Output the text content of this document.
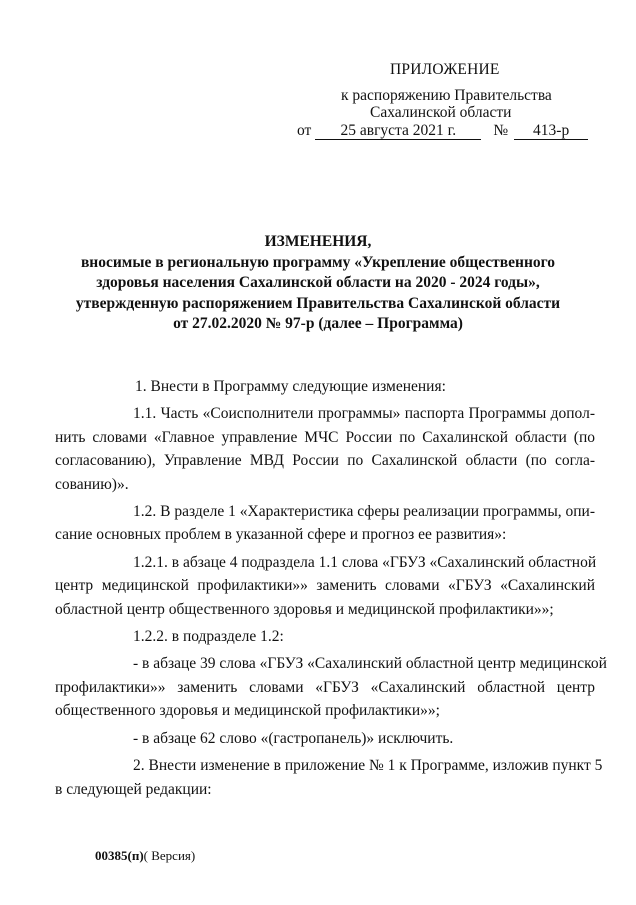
ПРИЛОЖЕНИЕ
к распоряжению Правительства
Сахалинской области
от	25 августа 2021 г.	№	413-р
ИЗМЕНЕНИЯ,
вносимые в региональную программу «Укрепление общественного
здоровья населения Сахалинской области на 2020 - 2024 годы»,
утвержденную распоряжением Правительства Сахалинской области
от 27.02.2020 № 97-р (далее – Программа)
1. Внести в Программу следующие изменения:
1.1. Часть «Соисполнители программы» паспорта Программы допол-
нить словами «Главное управление МЧС России по Сахалинской области (по
согласованию), Управление МВД России по Сахалинской области (по согла-
сованию)».
1.2. В разделе 1 «Характеристика сферы реализации программы, опи-
сание основных проблем в указанной сфере и прогноз ее развития»:
1.2.1. в абзаце 4 подраздела 1.1 слова «ГБУЗ «Сахалинский областной
центр медицинской профилактики»» заменить словами «ГБУЗ «Сахалинский
областной центр общественного здоровья и медицинской профилактики»»;
1.2.2. в подразделе 1.2:
- в абзаце 39 слова «ГБУЗ «Сахалинский областной центр медицинской
профилактики»» заменить словами «ГБУЗ «Сахалинский областной центр
общественного здоровья и медицинской профилактики»»;
- в абзаце 62 слово «(гастропанель)» исключить.
2. Внести изменение в приложение № 1 к Программе, изложив пункт 5
в следующей редакции:
00385(п)( Версия)
